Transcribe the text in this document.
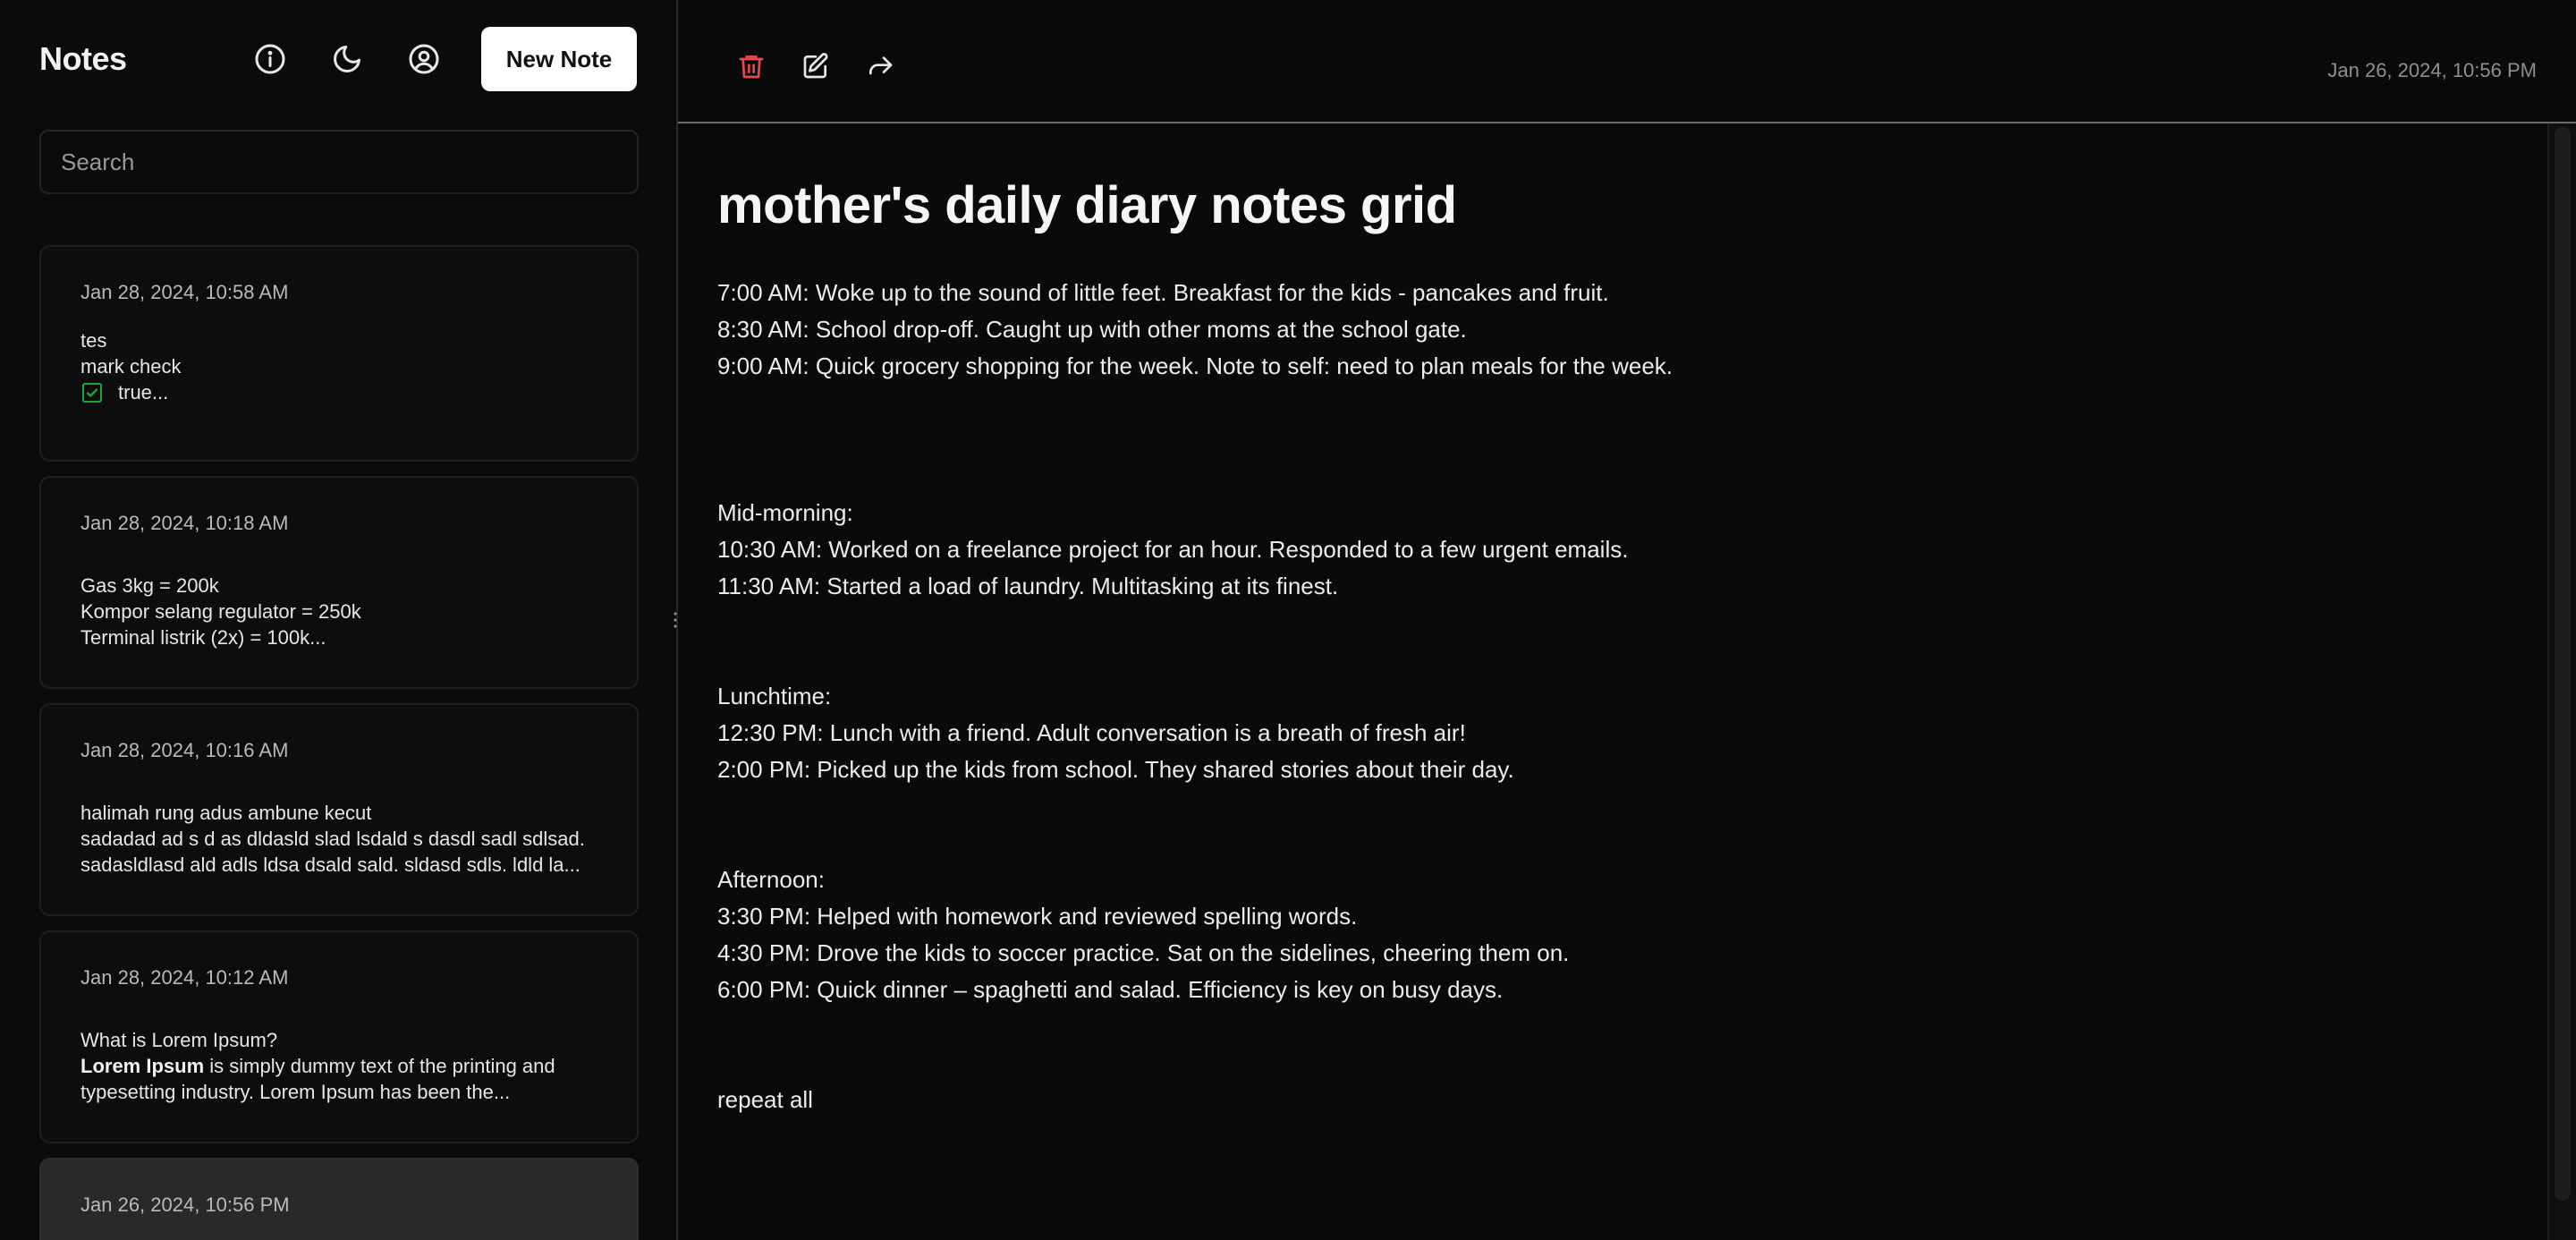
Notes	New Note
Search
Jan 28, 2024, 10:58 AM
tes
mark check
true...
Jan 28, 2024, 10:18 AM
Gas 3kg = 200k
Kompor selang regulator = 250k
Terminal listrik (2x) = 100k...
Jan 28, 2024, 10:16 AM
halimah rung adus ambune kecut
sadadad ad s d as dldasld slad lsdald s dasdl sadl sdlsad.
sadasldlasd ald adls ldsa dsald sald. sldasd sdls. ldld la...
Jan 28, 2024, 10:12 AM
What is Lorem Ipsum?
Lorem Ipsum is simply dummy text of the printing and
typesetting industry. Lorem Ipsum has been the...
Jan 26, 2024, 10:56 PM
Jan 26, 2024, 10:56 PM
mother's daily diary notes grid
7:00 AM: Woke up to the sound of little feet. Breakfast for the kids - pancakes and fruit.
8:30 AM: School drop-off. Caught up with other moms at the school gate.
9:00 AM: Quick grocery shopping for the week. Note to self: need to plan meals for the week.
Mid-morning:
10:30 AM: Worked on a freelance project for an hour. Responded to a few urgent emails.
11:30 AM: Started a load of laundry. Multitasking at its finest.
Lunchtime:
12:30 PM: Lunch with a friend. Adult conversation is a breath of fresh air!
2:00 PM: Picked up the kids from school. They shared stories about their day.
Afternoon:
3:30 PM: Helped with homework and reviewed spelling words.
4:30 PM: Drove the kids to soccer practice. Sat on the sidelines, cheering them on.
6:00 PM: Quick dinner – spaghetti and salad. Efficiency is key on busy days.
repeat all
